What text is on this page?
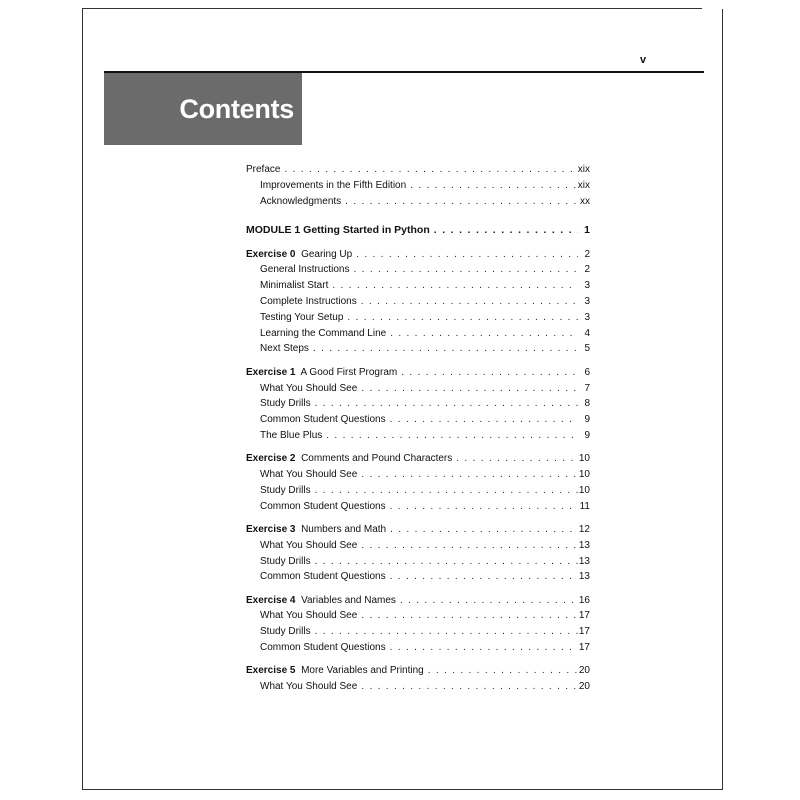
v
Contents
Preface . . .	xix
Improvements in the Fifth Edition . . .	xix
Acknowledgments . . .	xx
MODULE 1 Getting Started in Python . . .	1
Exercise 0 Gearing Up . . .	2
General Instructions . . .	2
Minimalist Start . . .	3
Complete Instructions . . .	3
Testing Your Setup . . .	3
Learning the Command Line . . .	4
Next Steps . . .	5
Exercise 1 A Good First Program . . .	6
What You Should See . . .	7
Study Drills . . .	8
Common Student Questions . . .	9
The Blue Plus . . .	9
Exercise 2 Comments and Pound Characters . . .	10
What You Should See . . .	10
Study Drills . . .	10
Common Student Questions . . .	11
Exercise 3 Numbers and Math . . .	12
What You Should See . . .	13
Study Drills . . .	13
Common Student Questions . . .	13
Exercise 4 Variables and Names . . .	16
What You Should See . . .	17
Study Drills . . .	17
Common Student Questions . . .	17
Exercise 5 More Variables and Printing . . .	20
What You Should See . . .	20
